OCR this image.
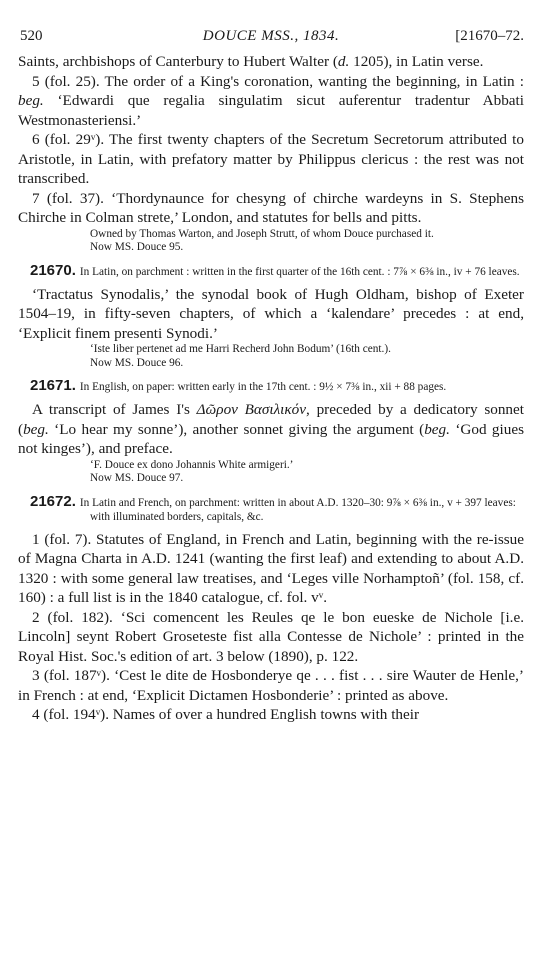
520	DOUCE MSS., 1834.	[21670–72.

Saints, archbishops of Canterbury to Hubert Walter (d. 1205), in Latin verse.

5 (fol. 25). The order of a King's coronation, wanting the beginning, in Latin : beg. ‘Edwardi que regalia singulatim sicut auferentur tradentur Abbati Westmonasteriensi.’

6 (fol. 29ᵛ). The first twenty chapters of the Secretum Secretorum attributed to Aristotle, in Latin, with prefatory matter by Philippus clericus : the rest was not transcribed.

7 (fol. 37). ‘Thordynaunce for chesyng of chirche wardeyns in S. Stephens Chirche in Colman strete,’ London, and statutes for bells and pitts.

Owned by Thomas Warton, and Joseph Strutt, of whom Douce purchased it.
Now MS. Douce 95.

21670. In Latin, on parchment : written in the first quarter of the 16th cent. : 7⅞ × 6⅜ in., iv + 76 leaves.

‘Tractatus Synodalis,’ the synodal book of Hugh Oldham, bishop of Exeter 1504–19, in fifty-seven chapters, of which a ‘kalendare’ precedes : at end, ‘Explicit finem presenti Synodi.’

‘Iste liber pertenet ad me Harri Recherd John Bodum’ (16th cent.).
Now MS. Douce 96.

21671. In English, on paper: written early in the 17th cent. : 9½ × 7⅜ in., xii + 88 pages.

A transcript of James I's Δῶρον Βασιλικόν, preceded by a dedicatory sonnet (beg. ‘Lo hear my sonne’), another sonnet giving the argument (beg. ‘God giues not kinges’), and preface.

‘F. Douce ex dono Johannis White armigeri.’
Now MS. Douce 97.

21672. In Latin and French, on parchment: written in about A.D. 1320–30: 9⅞ × 6⅜ in., v + 397 leaves: with illuminated borders, capitals, &c.

1 (fol. 7). Statutes of England, in French and Latin, beginning with the re-issue of Magna Charta in A.D. 1241 (wanting the first leaf) and extending to about A.D. 1320 : with some general law treatises, and ‘Leges ville Norhamptoñ’ (fol. 158, cf. 160) : a full list is in the 1840 catalogue, cf. fol. vᵛ.

2 (fol. 182). ‘Sci comencent les Reules qe le bon eueske de Nichole [i.e. Lincoln] seynt Robert Groseteste fist alla Contesse de Nichole’ : printed in the Royal Hist. Soc.'s edition of art. 3 below (1890), p. 122.

3 (fol. 187ᵛ). ‘Cest le dite de Hosbonderye qe . . . fist . . . sire Wauter de Henle,’ in French : at end, ‘Explicit Dictamen Hosbonderie’ : printed as above.

4 (fol. 194ᵛ). Names of over a hundred English towns with their
